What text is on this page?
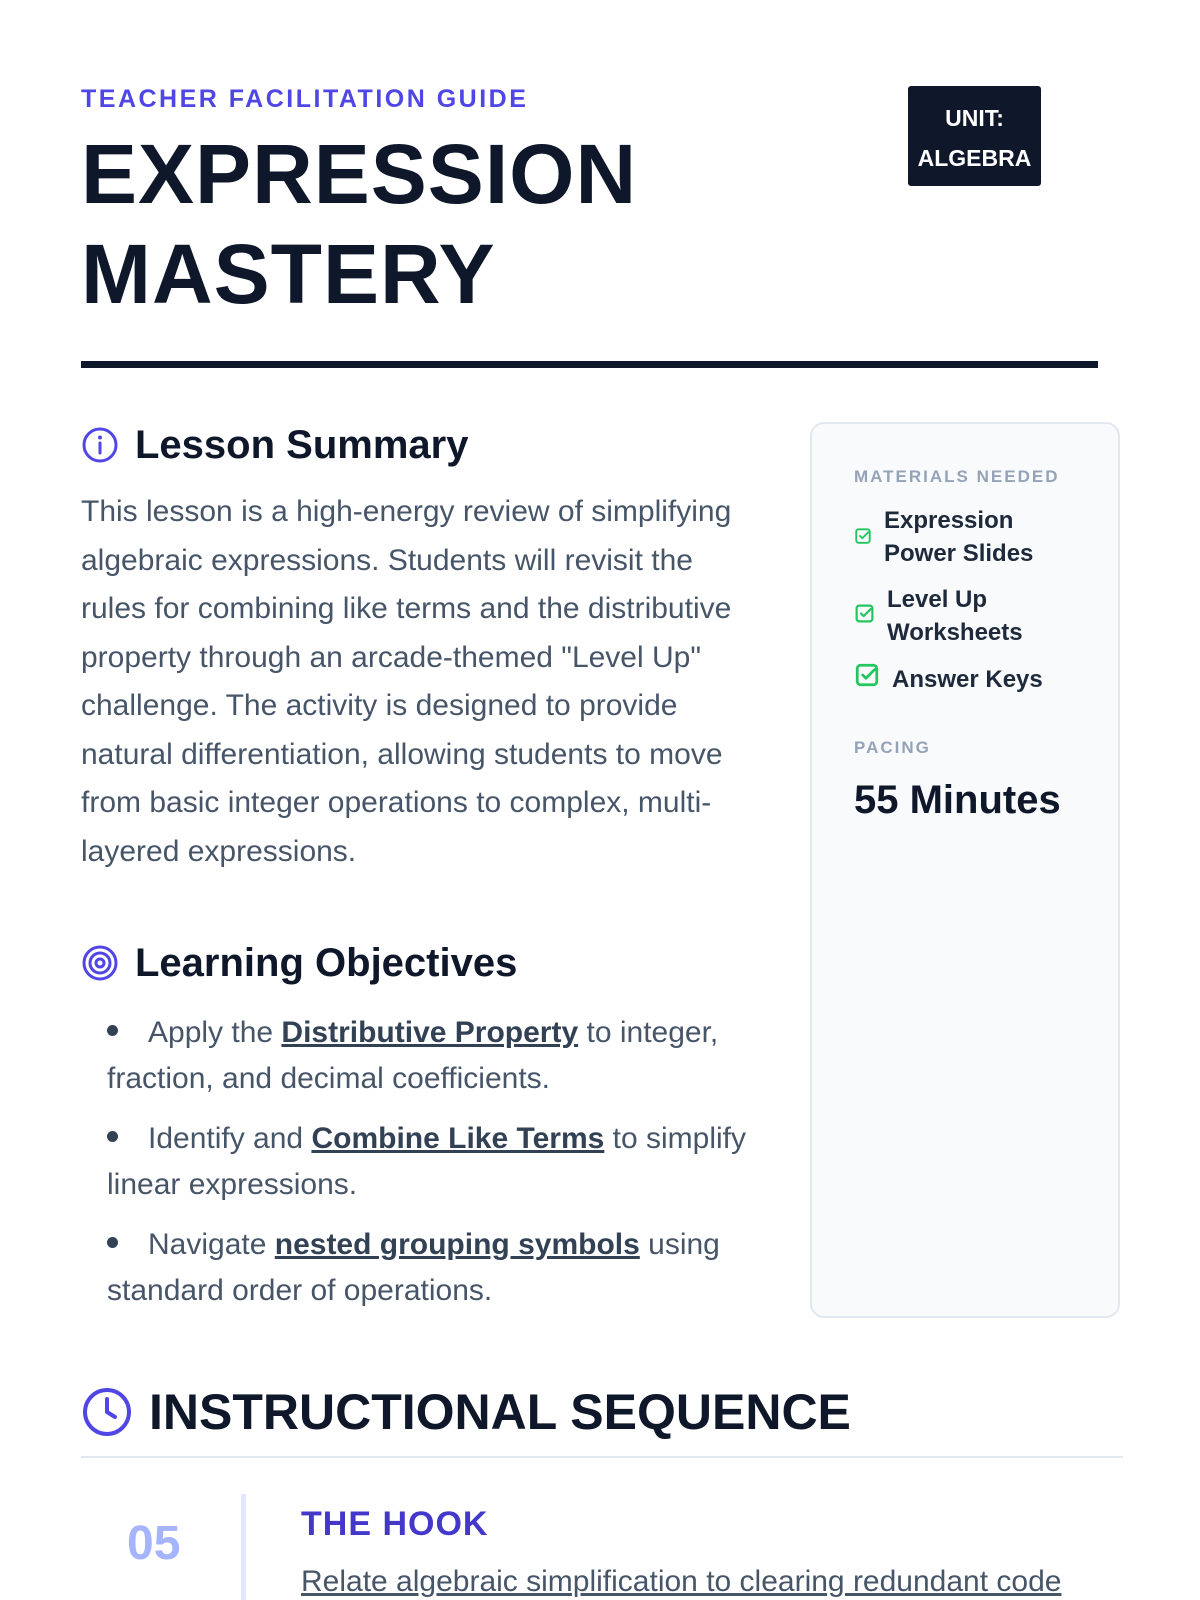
TEACHER FACILITATION GUIDE
EXPRESSION
MASTERY
UNIT:
ALGEBRA
Lesson Summary

This lesson is a high-energy review of simplifying algebraic expressions. Students will revisit the rules for combining like terms and the distributive property through an arcade-themed "Level Up" challenge. The activity is designed to provide natural differentiation, allowing students to move from basic integer operations to complex, multi-layered expressions.

Learning Objectives
Apply the Distributive Property to integer, fraction, and decimal coefficients.
Identify and Combine Like Terms to simplify linear expressions.
Navigate nested grouping symbols using standard order of operations.
MATERIALS NEEDED
Expression Power Slides
Level Up Worksheets
Answer Keys
PACING
55 Minutes
INSTRUCTIONAL SEQUENCE
05	THE HOOK
Relate algebraic simplification to clearing redundant code
